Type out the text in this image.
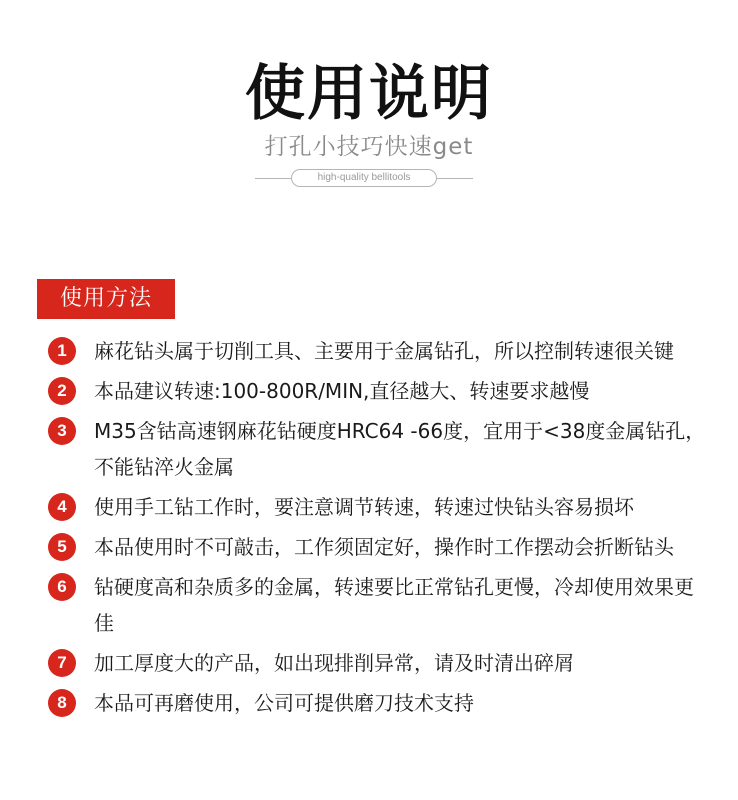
使用说明
打孔小技巧快速get
high-quality bellitools
使用方法
1	麻花钻头属于切削工具、主要用于金属钻孔，所以控制转速很关键
2	本品建议转速:100-800R/MIN,直径越大、转速要求越慢
3	M35含钴高速钢麻花钻硬度HRC64 -66度，宜用于<38度金属钻孔，不能钻淬火金属
4	使用手工钻工作时，要注意调节转速，转速过快钻头容易损坏
5	本品使用时不可敲击，工作须固定好，操作时工作摆动会折断钻头
6	钻硬度高和杂质多的金属，转速要比正常钻孔更慢，冷却使用效果更佳
7	加工厚度大的产品，如出现排削异常，请及时清出碎屑
8	本品可再磨使用，公司可提供磨刀技术支持
